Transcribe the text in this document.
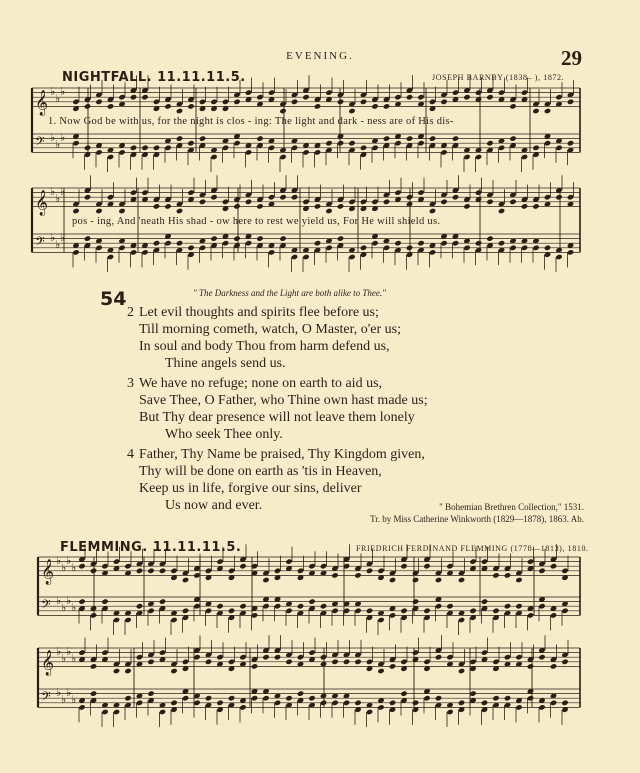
EVENING.	29
NIGHTFALL. 11.11.11.5.	JOSEPH BARNBY (1838– ), 1872.
𝄞 ♭
♭
♭
𝄢 ♭
♭
♭
𝄞 ♭
♭
♭
𝄢 ♭
♭
♭
𝄞 ♭
♭
♭
♭
𝄢 ♭
♭
♭
♭
𝄞 ♭
♭
♭
♭
𝄢 ♭
♭
♭
♭
1. Now God be with us, for the night is clos - ing: The light and dark - ness are of His dis-
pos - ing, And 'neath His shad - ow here to rest we yield us, For He will shield us.
54	" The Darkness and the Light are both alike to Thee."
2 Let evil thoughts and spirits flee before us;
Till morning cometh, watch, O Master, o'er us;
In soul and body Thou from harm defend us,
Thine angels send us.
3 We have no refuge; none on earth to aid us,
Save Thee, O Father, who Thine own hast made us;
But Thy dear presence will not leave them lonely
Who seek Thee only.
4 Father, Thy Name be praised, Thy Kingdom given,
Thy will be done on earth as 'tis in Heaven,
Keep us in life, forgive our sins, deliver
Us now and ever.	" Bohemian Brethren Collection," 1531.
Tr. by Miss Catherine Winkworth (1829—1878), 1863. Ab.
FLEMMING. 11.11.11.5.	FRIEDRICH FERDINAND FLEMMING (1778—1813), 1810.
